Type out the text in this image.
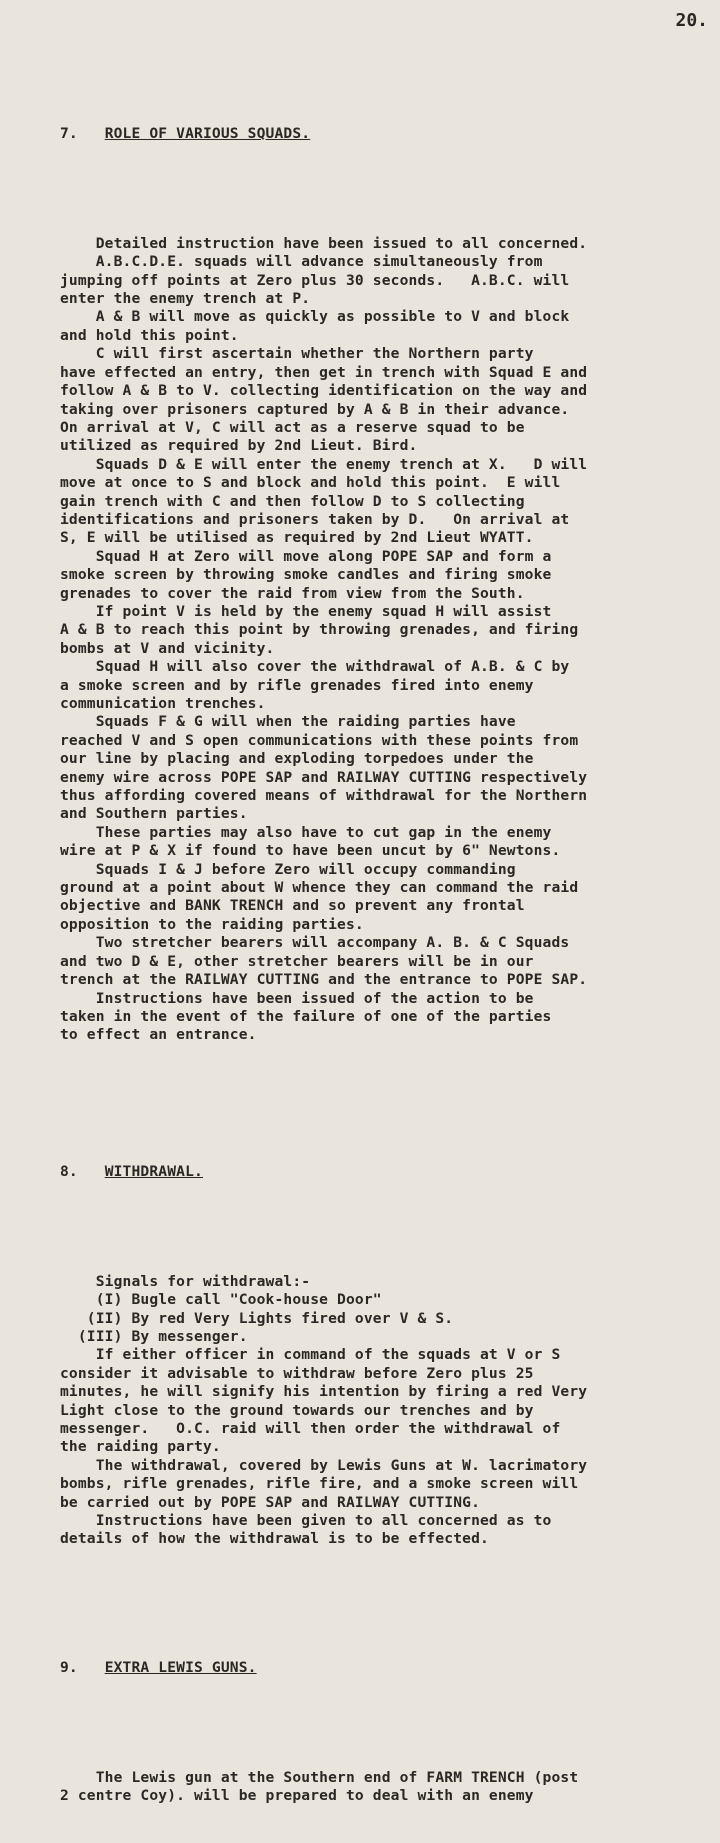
20.

7. ROLE OF VARIOUS SQUADS.

Detailed instruction have been issued to all concerned.
A.B.C.D.E. squads will advance simultaneously from
jumping off points at Zero plus 30 seconds.   A.B.C. will
enter the enemy trench at P.
A & B will move as quickly as possible to V and block
and hold this point.
C will first ascertain whether the Northern party
have effected an entry, then get in trench with Squad E and
follow A & B to V. collecting identification on the way and
taking over prisoners captured by A & B in their advance.
On arrival at V, C will act as a reserve squad to be
utilized as required by 2nd Lieut. Bird.
Squads D & E will enter the enemy trench at X.   D will
move at once to S and block and hold this point.  E will
gain trench with C and then follow D to S collecting
identifications and prisoners taken by D.   On arrival at
S, E will be utilised as required by 2nd Lieut WYATT.
Squad H at Zero will move along POPE SAP and form a
smoke screen by throwing smoke candles and firing smoke
grenades to cover the raid from view from the South.
If point V is held by the enemy squad H will assist
A & B to reach this point by throwing grenades, and firing
bombs at V and vicinity.
Squad H will also cover the withdrawal of A.B. & C by
a smoke screen and by rifle grenades fired into enemy
communication trenches.
Squads F & G will when the raiding parties have
reached V and S open communications with these points from
our line by placing and exploding torpedoes under the
enemy wire across POPE SAP and RAILWAY CUTTING respectively
thus affording covered means of withdrawal for the Northern
and Southern parties.
These parties may also have to cut gap in the enemy
wire at P & X if found to have been uncut by 6" Newtons.
Squads I & J before Zero will occupy commanding
ground at a point about W whence they can command the raid
objective and BANK TRENCH and so prevent any frontal
opposition to the raiding parties.
Two stretcher bearers will accompany A. B. & C Squads
and two D & E, other stretcher bearers will be in our
trench at the RAILWAY CUTTING and the entrance to POPE SAP.
Instructions have been issued of the action to be
taken in the event of the failure of one of the parties
to effect an entrance.

8. WITHDRAWAL.

Signals for withdrawal:-
(I) Bugle call "Cook-house Door"
(II) By red Very Lights fired over V & S.
(III) By messenger.
If either officer in command of the squads at V or S
consider it advisable to withdraw before Zero plus 25
minutes, he will signify his intention by firing a red Very
Light close to the ground towards our trenches and by
messenger.   O.C. raid will then order the withdrawal of
the raiding party.
The withdrawal, covered by Lewis Guns at W. lacrimatory
bombs, rifle grenades, rifle fire, and a smoke screen will
be carried out by POPE SAP and RAILWAY CUTTING.
Instructions have been given to all concerned as to
details of how the withdrawal is to be effected.

9. EXTRA LEWIS GUNS.

The Lewis gun at the Southern end of FARM TRENCH (post
2 centre Coy). will be prepared to deal with an enemy
